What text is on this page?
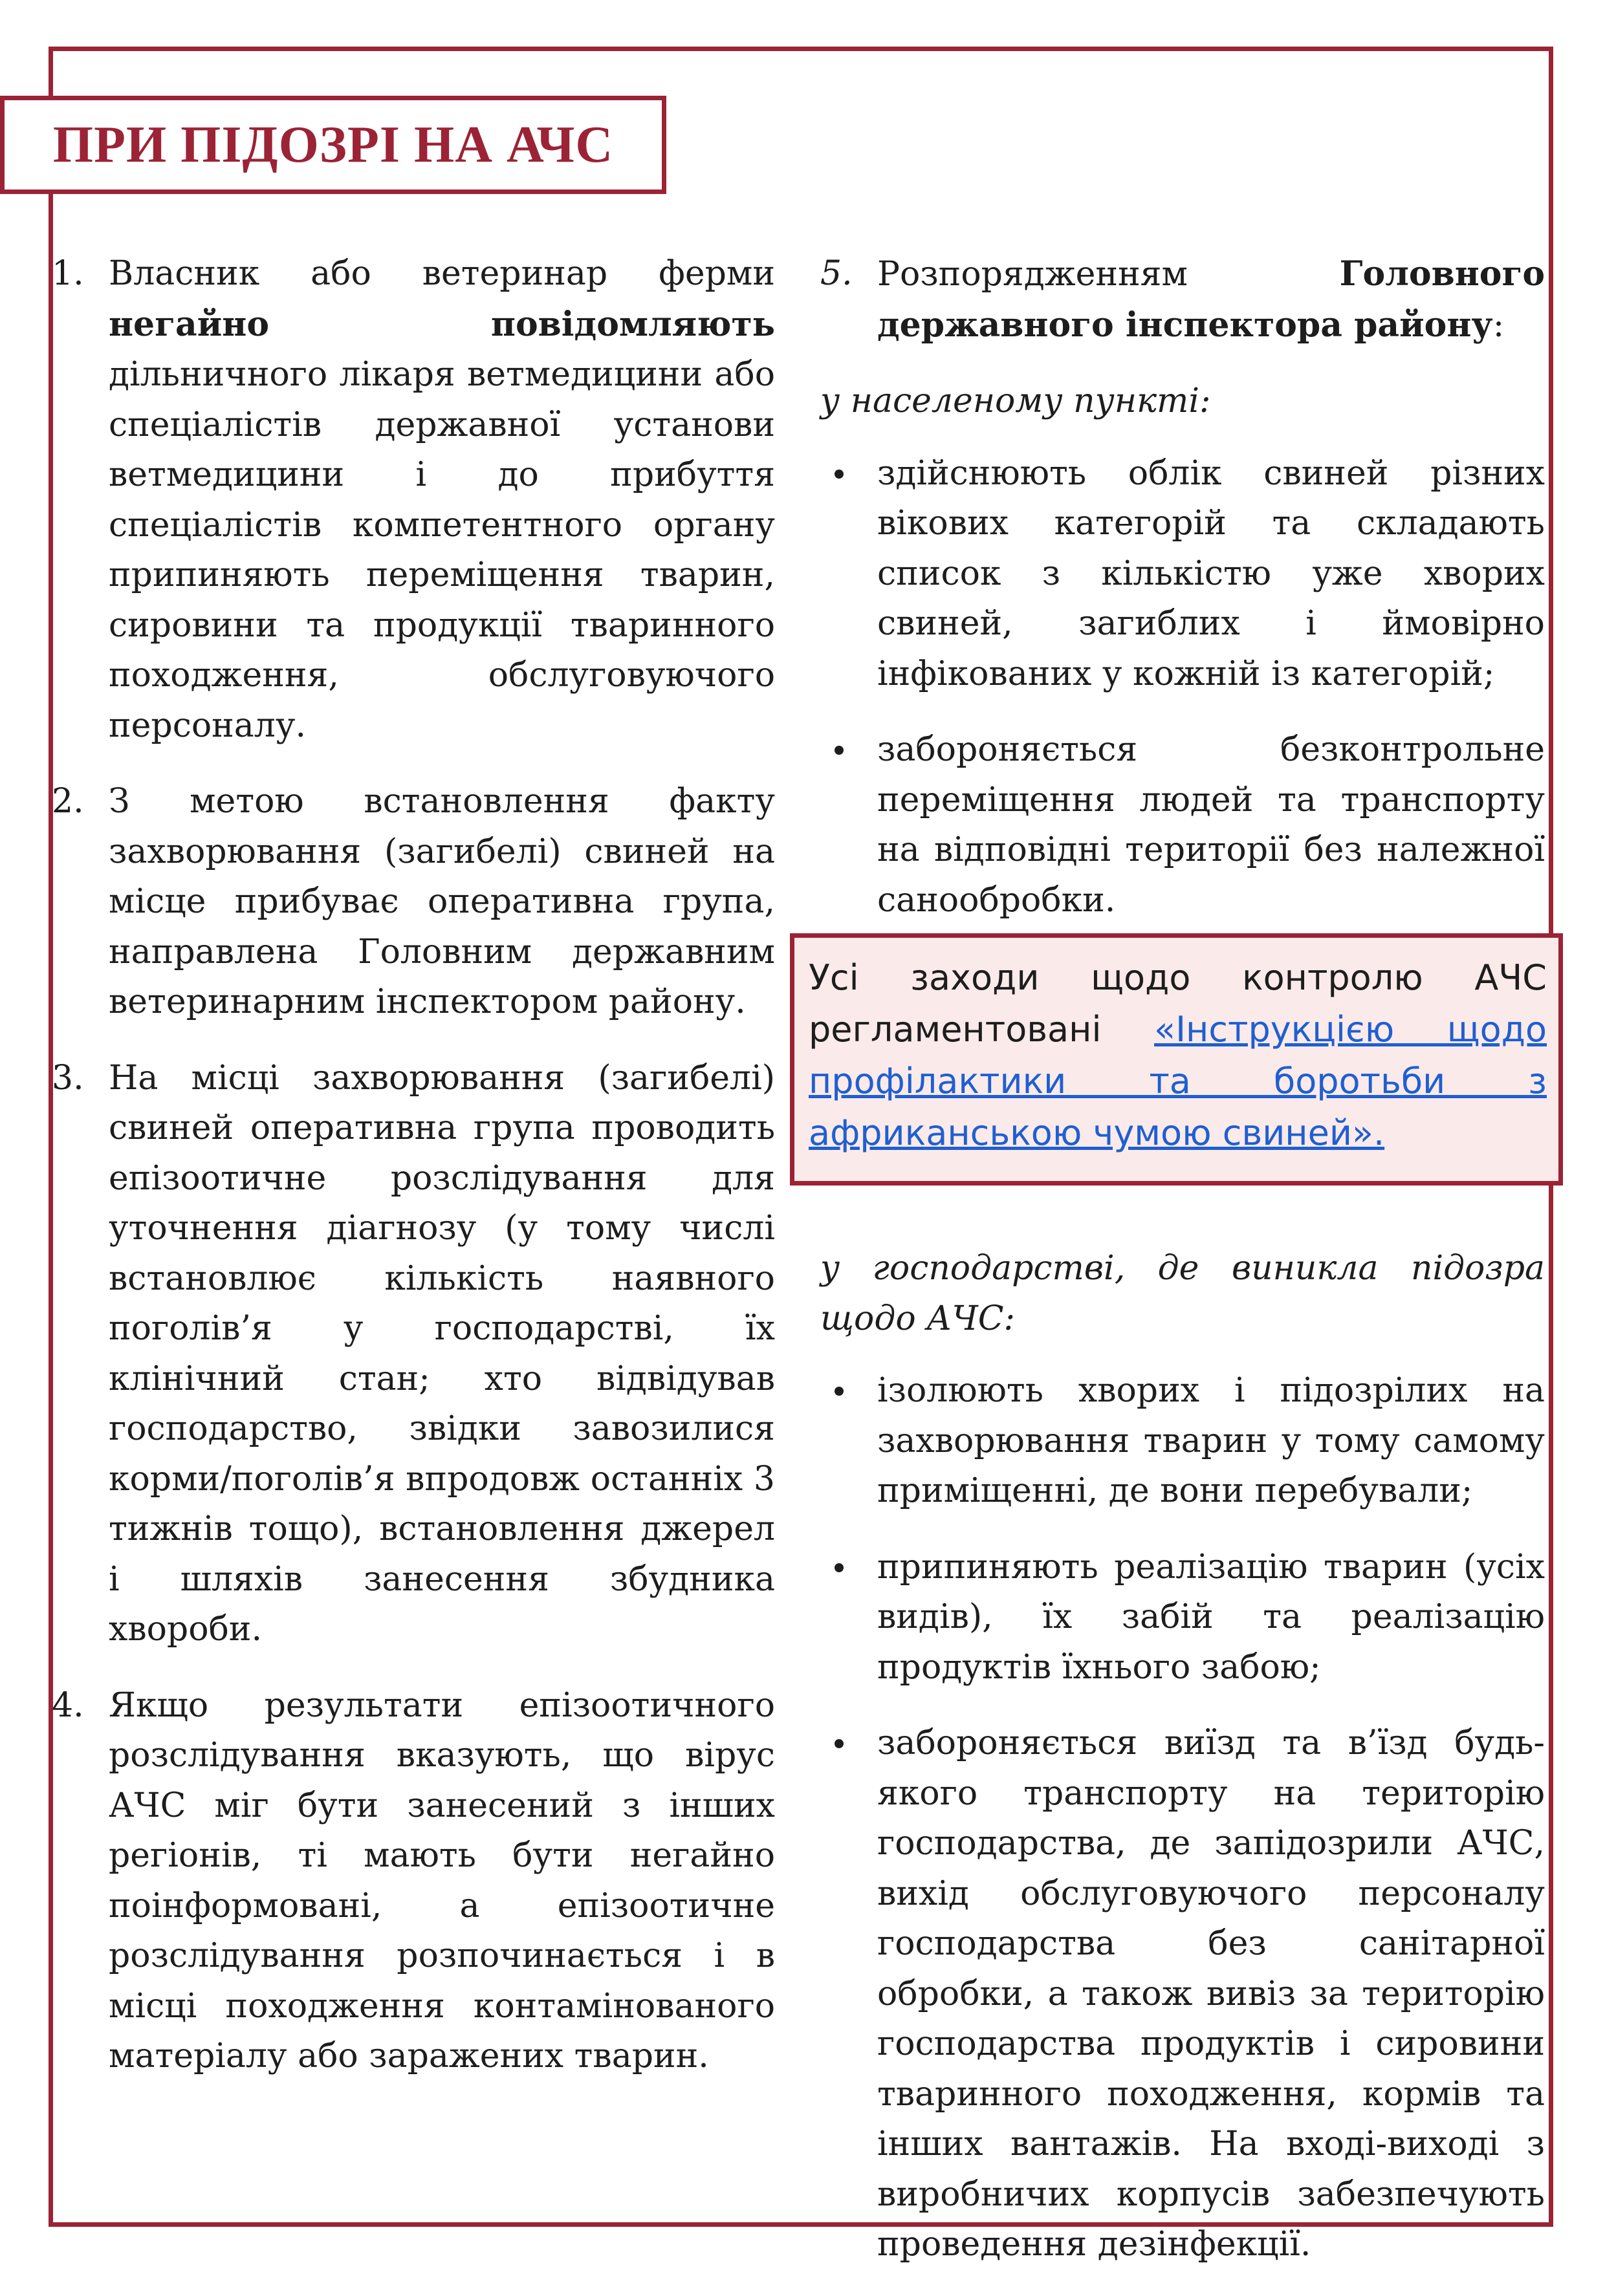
ПРИ ПІДОЗРІ НА АЧС
1. Власник або ветеринар ферми негайно повідомляють дільничного лікаря ветмедицини або спеціалістів державної установи ветмедицини і до прибуття спеціалістів компетентного органу припиняють переміщення тварин, сировини та продукції тваринного походження, обслуговуючого персоналу.
2. З метою встановлення факту захворювання (загибелі) свиней на місце прибуває оперативна група, направлена Головним державним ветеринарним інспектором району.
3. На місці захворювання (загибелі) свиней оперативна група проводить епізоотичне розслідування для уточнення діагнозу (у тому числі встановлює кількість наявного поголів’я у господарстві, їх клінічний стан; хто відвідував господарство, звідки завозилися корми/поголів’я впродовж останніх 3 тижнів тощо), встановлення джерел і шляхів занесення збудника хвороби.
4. Якщо результати епізоотичного розслідування вказують, що вірус АЧС міг бути занесений з інших регіонів, ті мають бути негайно поінформовані, а епізоотичне розслідування розпочинається і в місці походження контамінованого матеріалу або заражених тварин.
5. Розпорядженням Головного державного інспектора району:
у населеному пункті:
здійснюють облік свиней різних вікових категорій та складають список з кількістю уже хворих свиней, загиблих і ймовірно інфікованих у кожній із категорій;
забороняється безконтрольне переміщення людей та транспорту на відповідні території без належної санообробки.
у господарстві, де виникла підозра щодо АЧС:
ізолюють хворих і підозрілих на захворювання тварин у тому самому приміщенні, де вони перебували;
припиняють реалізацію тварин (усіх видів), їх забій та реалізацію продуктів їхнього забою;
забороняється виїзд та в’їзд будь-якого транспорту на територію господарства, де запідозрили АЧС, вихід обслуговуючого персоналу господарства без санітарної обробки, а також вивіз за територію господарства продуктів і сировини тваринного походження, кормів та інших вантажів. На вході-виході з виробничих корпусів забезпечують проведення дезінфекції.
Усі заходи щодо контролю АЧС регламентовані «Інструкцією щодо профілактики та боротьби з африканською чумою свиней».
